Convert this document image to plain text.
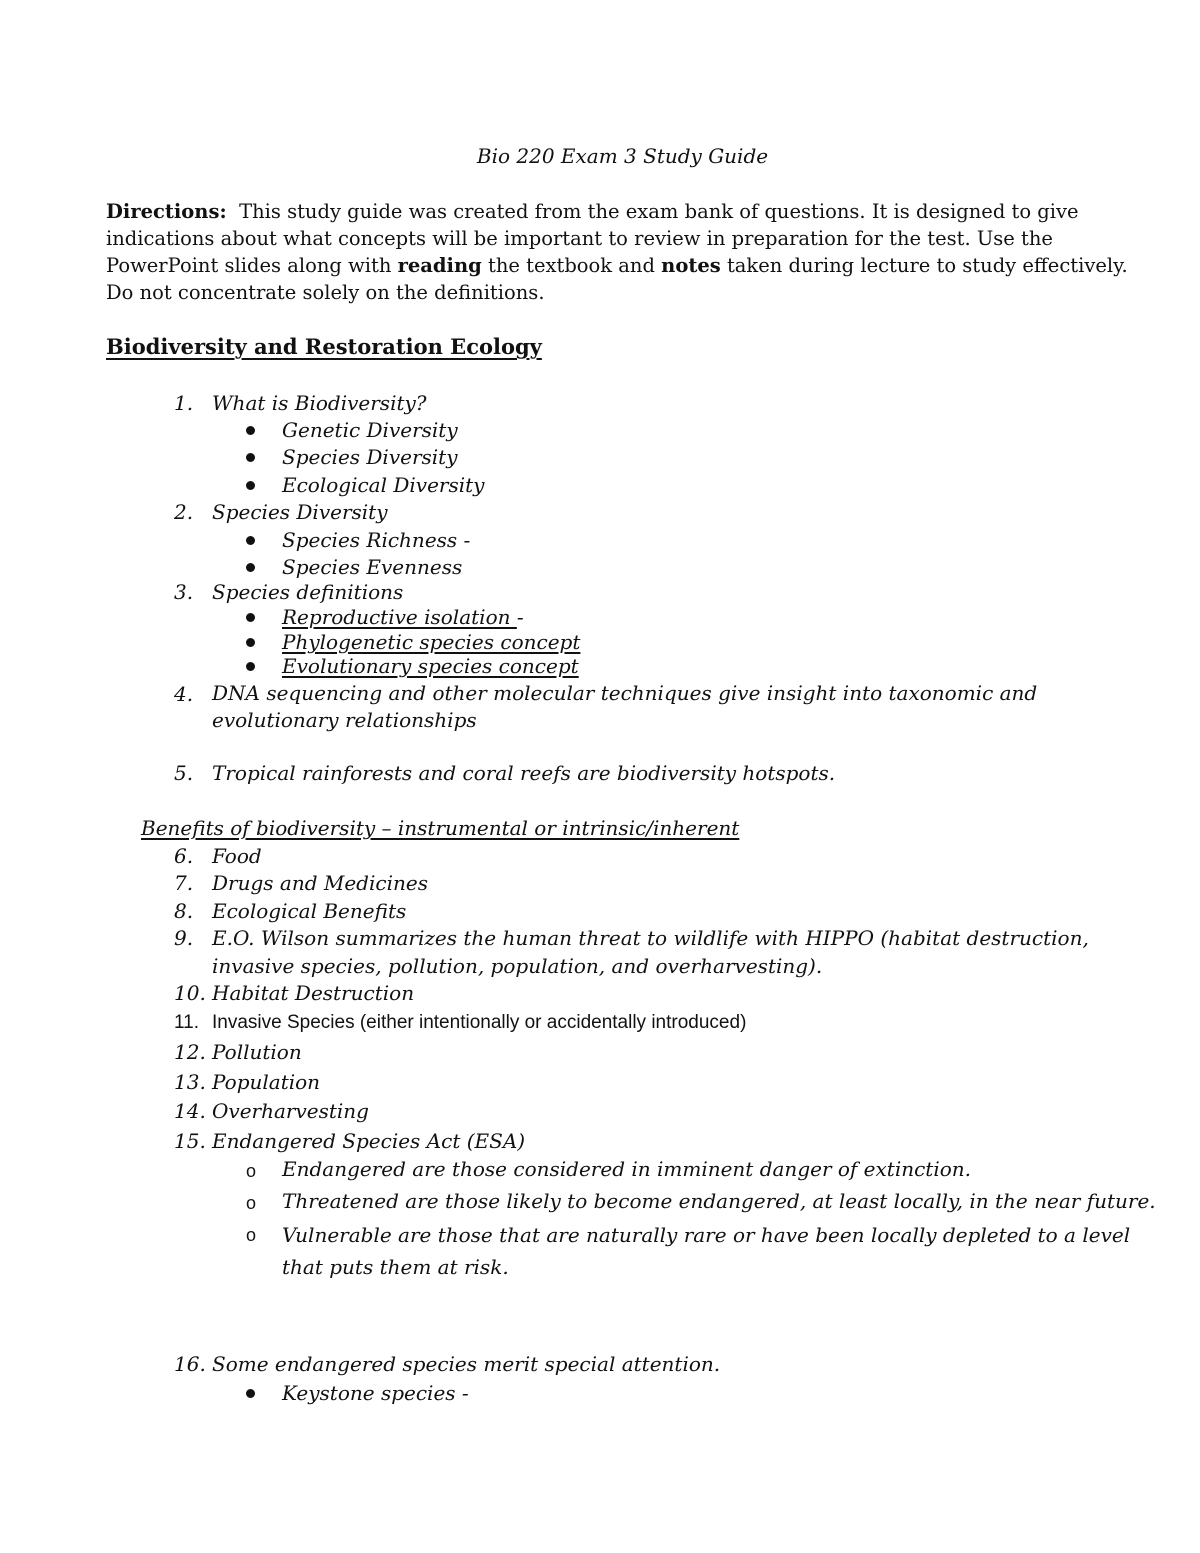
Bio 220 Exam 3 Study Guide
Directions: This study guide was created from the exam bank of questions. It is designed to give indications about what concepts will be important to review in preparation for the test. Use the PowerPoint slides along with reading the textbook and notes taken during lecture to study effectively. Do not concentrate solely on the definitions.
Biodiversity and Restoration Ecology
1. What is Biodiversity?
Genetic Diversity
Species Diversity
Ecological Diversity
2. Species Diversity
Species Richness -
Species Evenness
3. Species definitions
Reproductive isolation -
Phylogenetic species concept
Evolutionary species concept
4. DNA sequencing and other molecular techniques give insight into taxonomic and evolutionary relationships
5. Tropical rainforests and coral reefs are biodiversity hotspots.
Benefits of biodiversity – instrumental or intrinsic/inherent
6. Food
7. Drugs and Medicines
8. Ecological Benefits
9. E.O. Wilson summarizes the human threat to wildlife with HIPPO (habitat destruction, invasive species, pollution, population, and overharvesting).
10. Habitat Destruction
11. Invasive Species (either intentionally or accidentally introduced)
12. Pollution
13. Population
14. Overharvesting
15. Endangered Species Act (ESA)
o Endangered are those considered in imminent danger of extinction.
o Threatened are those likely to become endangered, at least locally, in the near future.
o Vulnerable are those that are naturally rare or have been locally depleted to a level that puts them at risk.
16. Some endangered species merit special attention.
Keystone species -
